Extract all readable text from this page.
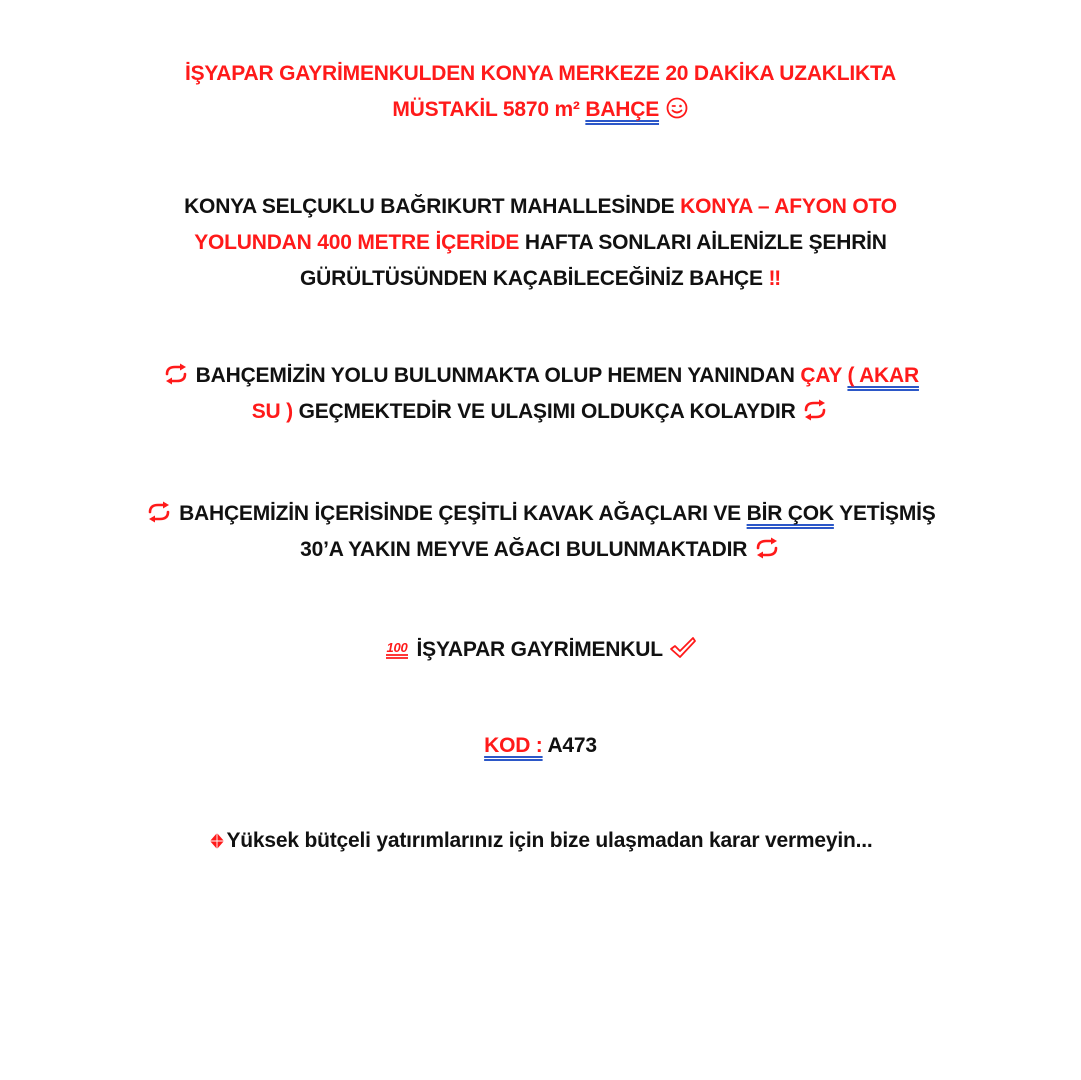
İŞYAPAR GAYRİMENKULDEN KONYA MERKEZE 20 DAKİKA UZAKLIKTA
MÜSTAKİL 5870 m² BAHÇE
KONYA SELÇUKLU BAĞRIKURT MAHALLESİNDE KONYA – AFYON OTO
YOLUNDAN 400 METRE İÇERİDE HAFTA SONLARI AİLENİZLE ŞEHRİN
GÜRÜLTÜSÜNDEN KAÇABİLECEĞİNİZ BAHÇE ‼
BAHÇEMİZİN YOLU BULUNMAKTA OLUP HEMEN YANINDAN ÇAY ( AKAR
SU ) GEÇMEKTEDİR VE ULAŞIMI OLDUKÇA KOLAYDIR
BAHÇEMİZİN İÇERİSİNDE ÇEŞİTLİ KAVAK AĞAÇLARI VE BİR ÇOK YETİŞMİŞ
30’A YAKIN MEYVE AĞACI BULUNMAKTADIR
100 İŞYAPAR GAYRİMENKUL
KOD : A473
Yüksek bütçeli yatırımlarınız için bize ulaşmadan karar vermeyin...
